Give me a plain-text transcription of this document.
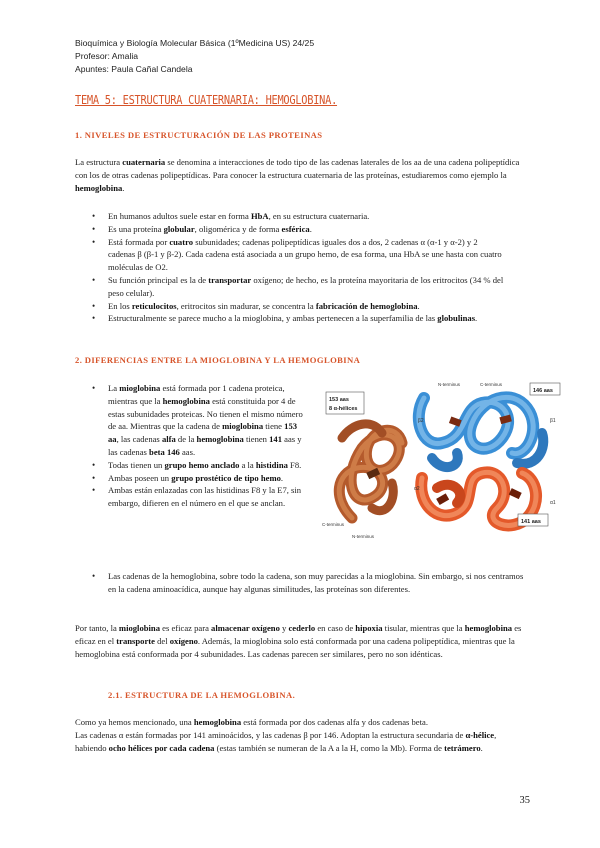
Bioquímica y Biología Molecular Básica (1ºMedicina US) 24/25
Profesor: Amalia
Apuntes: Paula Cañal Candela
TEMA 5: ESTRUCTURA CUATERNARIA: HEMOGLOBINA.
1. NIVELES DE ESTRUCTURACIÓN DE LAS PROTEINAS
La estructura cuaternaria se denomina a interacciones de todo tipo de las cadenas laterales de los aa de una cadena polipeptídica con los de otras cadenas polipeptídicas. Para conocer la estructura cuaternaria de las proteínas, estudiaremos como ejemplo la hemoglobina.
• En humanos adultos suele estar en forma HbA, en su estructura cuaternaria.
• Es una proteína globular, oligomérica y de forma esférica.
• Está formada por cuatro subunidades; cadenas polipeptídicas iguales dos a dos, 2 cadenas α (α-1 y α-2) y 2 cadenas β (β-1 y β-2). Cada cadena está asociada a un grupo hemo, de esa forma, una HbA se une hasta con cuatro moléculas de O2.
• Su función principal es la de transportar oxígeno; de hecho, es la proteína mayoritaria de los eritrocitos (34 % del peso celular).
• En los reticulocitos, eritrocitos sin madurar, se concentra la fabricación de hemoglobina.
• Estructuralmente se parece mucho a la mioglobina, y ambas pertenecen a la superfamilia de las globulinas.
2. DIFERENCIAS ENTRE LA MIOGLOBINA Y LA HEMOGLOBINA
• La mioglobina está formada por 1 cadena proteica, mientras que la hemoglobina está constituida por 4 de estas subunidades proteicas. No tienen el mismo número de aa. Mientras que la cadena de mioglobina tiene 153 aa, las cadenas alfa de la hemoglobina tienen 141 aas y las cadenas beta 146 aas.
• Todas tienen un grupo hemo anclado a la histidina F8.
• Ambas poseen un grupo prostético de tipo hemo.
• Ambas están enlazadas con las histidinas F8 y la E7, sin embargo, difieren en el número en el que se anclan.
• Las cadenas de la hemoglobina, sobre todo la cadena, son muy parecidas a la mioglobina. Sin embargo, si nos centramos en la cadena aminoacídica, aunque hay algunas similitudes, las proteínas son diferentes.
153 aas
8 α-hélices
146 aas
141 aas
N-terminus	C-terminus
C-terminus
N-terminus
β2	β1
α2
α1
Por tanto, la mioglobina es eficaz para almacenar oxígeno y cederlo en caso de hipoxia tisular, mientras que la hemoglobina es eficaz en el transporte del oxígeno. Además, la mioglobina solo está conformada por una cadena polipeptídica, mientras que la hemoglobina está conformada por 4 subunidades. Las cadenas parecen ser similares, pero no son idénticas.
2.1. ESTRUCTURA DE LA HEMOGLOBINA.
Como ya hemos mencionado, una hemoglobina está formada por dos cadenas alfa y dos cadenas beta.
Las cadenas α están formadas por 141 aminoácidos, y las cadenas β por 146. Adoptan la estructura secundaria de α-hélice, habiendo ocho hélices por cada cadena (estas también se numeran de la A a la H, como la Mb). Forma de tetrámero.
35
